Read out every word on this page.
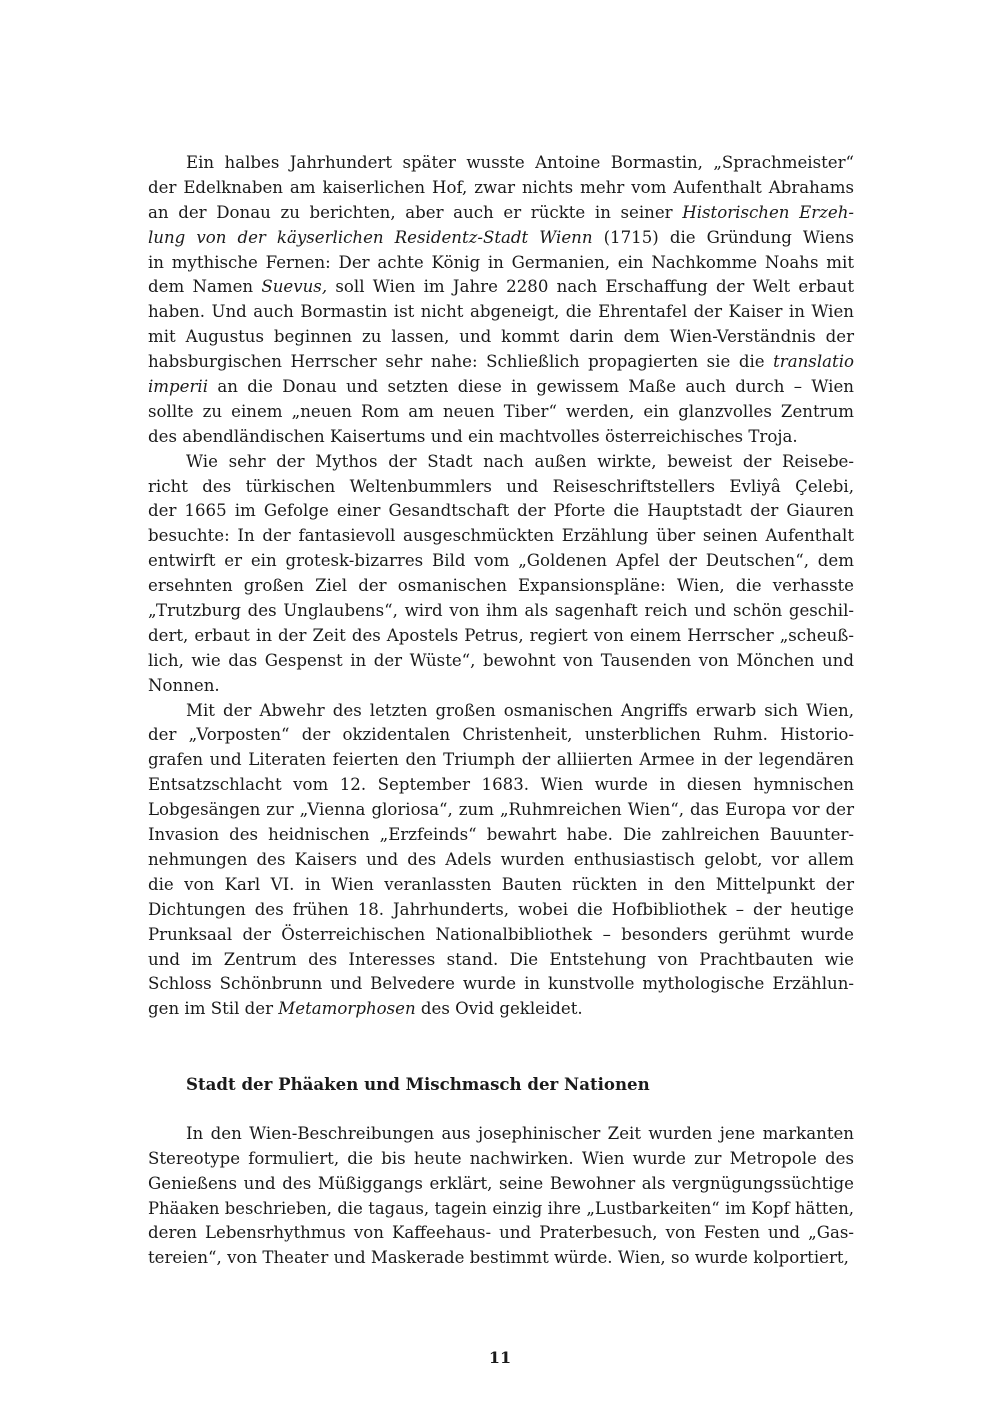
Ein halbes Jahrhundert später wusste Antoine Bormastin, „Sprachmeister“
der Edelknaben am kaiserlichen Hof, zwar nichts mehr vom Aufenthalt Abrahams
an der Donau zu berichten, aber auch er rückte in seiner Historischen Erzeh-
lung von der käyserlichen Residentz-Stadt Wienn (1715) die Gründung Wiens
in mythische Fernen: Der achte König in Germanien, ein Nachkomme Noahs mit
dem Namen Suevus, soll Wien im Jahre 2280 nach Erschaffung der Welt erbaut
haben. Und auch Bormastin ist nicht abgeneigt, die Ehrentafel der Kaiser in Wien
mit Augustus beginnen zu lassen, und kommt darin dem Wien-Verständnis der
habsburgischen Herrscher sehr nahe: Schließlich propagierten sie die translatio
imperii an die Donau und setzten diese in gewissem Maße auch durch – Wien
sollte zu einem „neuen Rom am neuen Tiber“ werden, ein glanzvolles Zentrum
des abendländischen Kaisertums und ein machtvolles österreichisches Troja.
Wie sehr der Mythos der Stadt nach außen wirkte, beweist der Reisebe-
richt des türkischen Weltenbummlers und Reiseschriftstellers Evliyâ Çelebi,
der 1665 im Gefolge einer Gesandtschaft der Pforte die Hauptstadt der Giauren
besuchte: In der fantasievoll ausgeschmückten Erzählung über seinen Aufenthalt
entwirft er ein grotesk-bizarres Bild vom „Goldenen Apfel der Deutschen“, dem
ersehnten großen Ziel der osmanischen Expansionspläne: Wien, die verhasste
„Trutzburg des Unglaubens“, wird von ihm als sagenhaft reich und schön geschil-
dert, erbaut in der Zeit des Apostels Petrus, regiert von einem Herrscher „scheuß-
lich, wie das Gespenst in der Wüste“, bewohnt von Tausenden von Mönchen und
Nonnen.
Mit der Abwehr des letzten großen osmanischen Angriffs erwarb sich Wien,
der „Vorposten“ der okzidentalen Christenheit, unsterblichen Ruhm. Historio-
grafen und Literaten feierten den Triumph der alliierten Armee in der legendären
Entsatzschlacht vom 12. September 1683. Wien wurde in diesen hymnischen
Lobgesängen zur „Vienna gloriosa“, zum „Ruhmreichen Wien“, das Europa vor der
Invasion des heidnischen „Erzfeinds“ bewahrt habe. Die zahlreichen Bauunter-
nehmungen des Kaisers und des Adels wurden enthusiastisch gelobt, vor allem
die von Karl VI. in Wien veranlassten Bauten rückten in den Mittelpunkt der
Dichtungen des frühen 18. Jahrhunderts, wobei die Hofbibliothek – der heutige
Prunksaal der Österreichischen Nationalbibliothek – besonders gerühmt wurde
und im Zentrum des Interesses stand. Die Entstehung von Prachtbauten wie
Schloss Schönbrunn und Belvedere wurde in kunstvolle mythologische Erzählun-
gen im Stil der Metamorphosen des Ovid gekleidet.
Stadt der Phäaken und Mischmasch der Nationen
In den Wien-Beschreibungen aus josephinischer Zeit wurden jene markanten
Stereotype formuliert, die bis heute nachwirken. Wien wurde zur Metropole des
Genießens und des Müßiggangs erklärt, seine Bewohner als vergnügungssüchtige
Phäaken beschrieben, die tagaus, tagein einzig ihre „Lustbarkeiten“ im Kopf hätten,
deren Lebensrhythmus von Kaffeehaus- und Praterbesuch, von Festen und „Gas-
tereien“, von Theater und Maskerade bestimmt würde. Wien, so wurde kolportiert,
11
